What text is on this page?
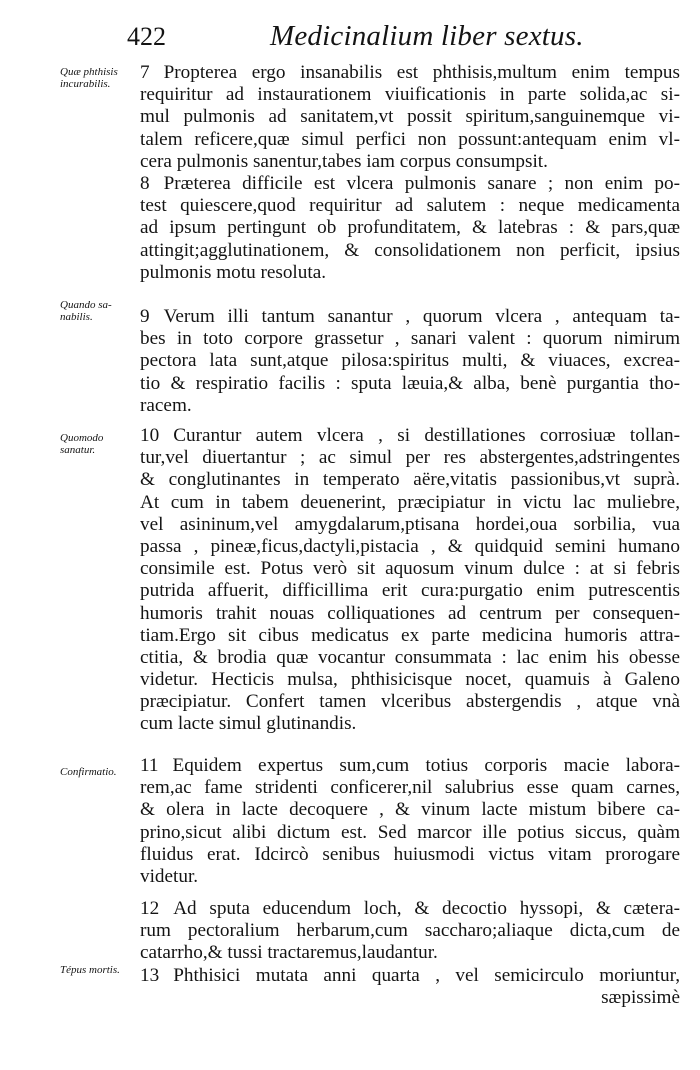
422	Medicinalium liber sextus.
Quæ phthisis
incurabilis.
Quando sa-
nabilis.
Quomodo
sanatur.
Confirmatio.
Tépus mortis.
7 Propterea ergo insanabilis est phthisis,multum enim tempus
requiritur ad instaurationem viuificationis in parte solida,ac si-
mul pulmonis ad sanitatem,vt possit spiritum,sanguinemque vi-
talem reficere,quæ simul perfici non possunt:antequam enim vl-
cera pulmonis sanentur,tabes iam corpus consumpsit.
8 Præterea difficile est vlcera pulmonis sanare ; non enim po-
test quiescere,quod requiritur ad salutem : neque medicamenta
ad ipsum pertingunt ob profunditatem, & latebras : & pars,quæ
attingit;agglutinationem, & consolidationem non perficit, ipsius
pulmonis motu resoluta.
9 Verum illi tantum sanantur , quorum vlcera , antequam ta-
bes in toto corpore grassetur , sanari valent : quorum nimirum
pectora lata sunt,atque pilosa:spiritus multi, & viuaces, excrea-
tio & respiratio facilis : sputa læuia,& alba, benè purgantia tho-
racem.
10 Curantur autem vlcera , si destillationes corrosiuæ tollan-
tur,vel diuertantur ; ac simul per res abstergentes,adstringentes
& conglutinantes in temperato aëre,vitatis passionibus,vt suprà.
At cum in tabem deuenerint, præcipiatur in victu lac muliebre,
vel asininum,vel amygdalarum,ptisana hordei,oua sorbilia, vua
passa , pineæ,ficus,dactyli,pistacia , & quidquid semini humano
consimile est. Potus verò sit aquosum vinum dulce : at si febris
putrida affuerit, difficillima erit cura:purgatio enim putrescentis
humoris trahit nouas colliquationes ad centrum per consequen-
tiam.Ergo sit cibus medicatus ex parte medicina humoris attra-
ctitia, & brodia quæ vocantur consummata : lac enim his obesse
videtur. Hecticis mulsa, phthisicisque nocet, quamuis à Galeno
præcipiatur. Confert tamen vlceribus abstergendis , atque vnà
cum lacte simul glutinandis.
11 Equidem expertus sum,cum totius corporis macie labora-
rem,ac fame stridenti conficerer,nil salubrius esse quam carnes,
& olera in lacte decoquere , & vinum lacte mistum bibere ca-
prino,sicut alibi dictum est. Sed marcor ille potius siccus, quàm
fluidus erat. Idcircò senibus huiusmodi victus vitam prorogare
videtur.
12 Ad sputa educendum loch, & decoctio hyssopi, & cætera-
rum pectoralium herbarum,cum saccharo;aliaque dicta,cum de
catarrho,& tussi tractaremus,laudantur.
13 Phthisici mutata anni quarta , vel semicirculo moriuntur,
sæpissimè
